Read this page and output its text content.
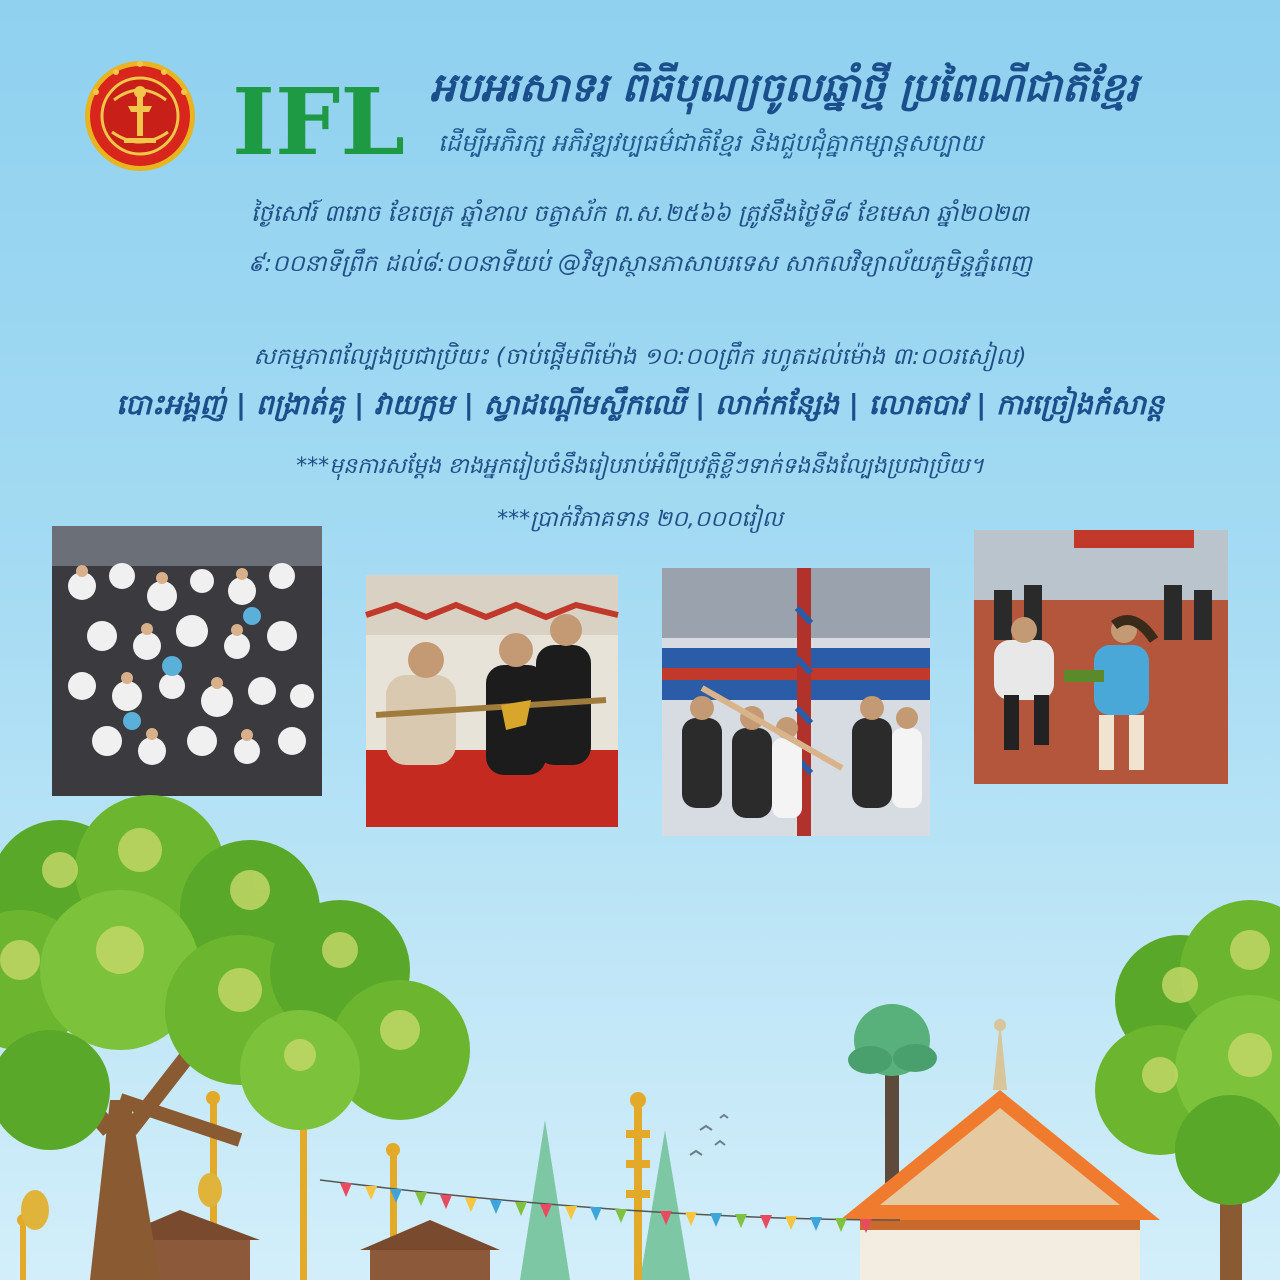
IFL អបអរសាទរ ពិធីបុណ្យចូលឆ្នាំថ្មី ប្រពៃណីជាតិខ្មែរ
ដើម្បីអភិរក្ស អភិវឌ្ឍវប្បធម៌ជាតិខ្មែរ និងជួបជុំគ្នាកម្សាន្តសប្បាយ
ថ្ងៃសៅរ៍ ៣រោច ខែចេត្រ ឆ្នាំខាល ចត្វាស័ក ព.ស.២៥៦៦ ត្រូវនឹងថ្ងៃទី៨ ខែមេសា ឆ្នាំ២០២៣
៩:០០នាទីព្រឹក ដល់៨:០០នាទីយប់ @វិទ្យាស្ថានភាសាបរទេស សាកលវិទ្យាល័យភូមិន្ទភ្នំពេញ
សកម្មភាពល្បែងប្រជាប្រិយះ (ចាប់ផ្ដើមពីម៉ោង ១០:០០ព្រឹក រហូតដល់ម៉ោង ៣:០០រសៀល)
បោះអង្គញ់ | ពង្រាត់គូ | វាយក្អម | ស្វាដណ្ដើមស្លឹកឈើ | លាក់កន្សែង | លោតបាវ | ការច្រៀងកំសាន្ត
***មុនការសម្ដែង ខាងអ្នករៀបចំនឹងរៀបរាប់អំពីប្រវត្តិខ្លីៗទាក់ទងនឹងល្បែងប្រជាប្រិយ។
***ប្រាក់វិភាគទាន ២០,០០០រៀល
